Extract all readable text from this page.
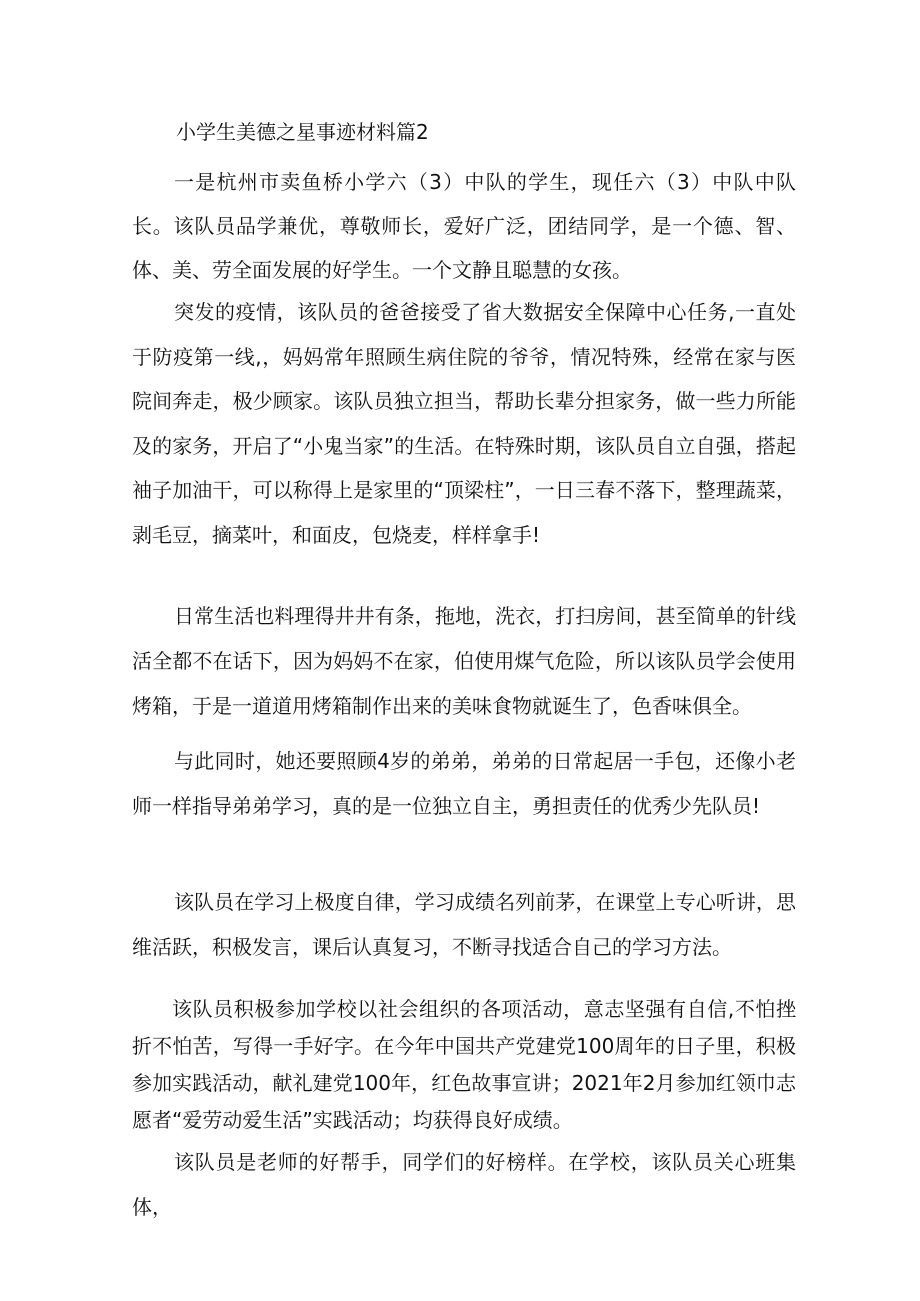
小学生美德之星事迹材料篇2

一是杭州市卖鱼桥小学六（3）中队的学生，现任六（3）中队中队长。该队员品学兼优，尊敬师长，爱好广泛，团结同学，是一个德、智、体、美、劳全面发展的好学生。一个文静且聪慧的女孩。

突发的疫情，该队员的爸爸接受了省大数据安全保障中心任务,一直处于防疫第一线,，妈妈常年照顾生病住院的爷爷，情况特殊，经常在家与医院间奔走，极少顾家。该队员独立担当，帮助长辈分担家务，做一些力所能及的家务，开启了“小鬼当家”的生活。在特殊时期，该队员自立自强，搭起袖子加油干，可以称得上是家里的“顶梁柱”，一日三春不落下，整理蔬菜，剥毛豆，摘菜叶，和面皮，包烧麦，样样拿手!

日常生活也料理得井井有条，拖地，洗衣，打扫房间，甚至简单的针线活全都不在话下，因为妈妈不在家，伯使用煤气危险，所以该队员学会使用烤箱，于是一道道用烤箱制作出来的美味食物就诞生了，色香味俱全。

与此同时，她还要照顾4岁的弟弟，弟弟的日常起居一手包，还像小老师一样指导弟弟学习，真的是一位独立自主，勇担责任的优秀少先队员!

该队员在学习上极度自律，学习成绩名列前茅，在课堂上专心听讲，思维活跃，积极发言，课后认真复习，不断寻找适合自己的学习方法。

该队员积极参加学校以社会组织的各项活动，意志坚强有自信,不怕挫折不怕苦，写得一手好字。在今年中国共产党建党100周年的日子里，积极参加实践活动，献礼建党100年，红色故事宣讲；2021年2月参加红领巾志愿者“爱劳动爱生活”实践活动；均获得良好成绩。

该队员是老师的好帮手，同学们的好榜样。在学校，该队员关心班集体，
